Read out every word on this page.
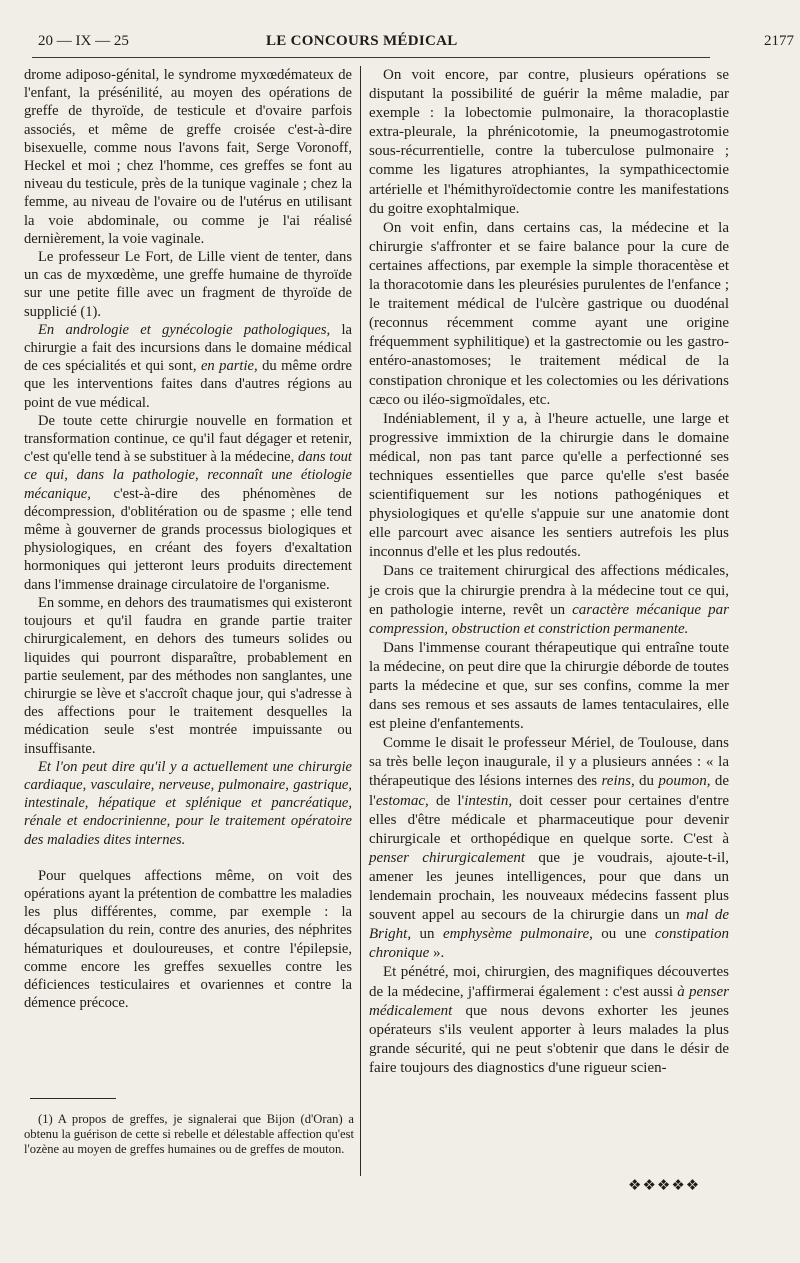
20 — IX — 25	LE CONCOURS MÉDICAL	2177

drome adiposo-génital, le syndrome myxœdémateux de l'enfant, la présénilité, au moyen des opérations de greffe de thyroïde, de testicule et d'ovaire parfois associés, et même de greffe croisée c'est-à-dire bisexuelle, comme nous l'avons fait, Serge Voronoff, Heckel et moi ; chez l'homme, ces greffes se font au niveau du testicule, près de la tunique vaginale ; chez la femme, au niveau de l'ovaire ou de l'utérus en utilisant la voie abdominale, ou comme je l'ai réalisé dernièrement, la voie vaginale.

Le professeur Le Fort, de Lille vient de tenter, dans un cas de myxœdème, une greffe humaine de thyroïde sur une petite fille avec un fragment de thyroïde de supplicié (1).

En andrologie et gynécologie pathologiques, la chirurgie a fait des incursions dans le domaine médical de ces spécialités et qui sont, en partie, du même ordre que les interventions faites dans d'autres régions au point de vue médical.

De toute cette chirurgie nouvelle en formation et transformation continue, ce qu'il faut dégager et retenir, c'est qu'elle tend à se substituer à la médecine, dans tout ce qui, dans la pathologie, reconnaît une étiologie mécanique, c'est-à-dire des phénomènes de décompression, d'oblitération ou de spasme ; elle tend même à gouverner de grands processus biologiques et physiologiques, en créant des foyers d'exaltation hormoniques qui jetteront leurs produits directement dans l'immense drainage circulatoire de l'organisme.

En somme, en dehors des traumatismes qui existeront toujours et qu'il faudra en grande partie traiter chirurgicalement, en dehors des tumeurs solides ou liquides qui pourront disparaître, probablement en partie seulement, par des méthodes non sanglantes, une chirurgie se lève et s'accroît chaque jour, qui s'adresse à des affections pour le traitement desquelles la médication seule s'est montrée impuissante ou insuffisante.

Et l'on peut dire qu'il y a actuellement une chirurgie cardiaque, vasculaire, nerveuse, pulmonaire, gastrique, intestinale, hépatique et splénique et pancréatique, rénale et endocrinienne, pour le traitement opératoire des maladies dites internes.

Pour quelques affections même, on voit des opérations ayant la prétention de combattre les maladies les plus différentes, comme, par exemple : la décapsulation du rein, contre des anuries, des néphrites hématuriques et douloureuses, et contre l'épilepsie, comme encore les greffes sexuelles contre les déficiences testiculaires et ovariennes et contre la démence précoce.

(1) A propos de greffes, je signalerai que Bijon (d'Oran) a obtenu la guérison de cette si rebelle et délestable affection qu'est l'ozène au moyen de greffes humaines ou de greffes de mouton.

On voit encore, par contre, plusieurs opérations se disputant la possibilité de guérir la même maladie, par exemple : la lobectomie pulmonaire, la thoracoplastie extra-pleurale, la phrénicotomie, la pneumogastrotomie sous-récurrentielle, contre la tuberculose pulmonaire ; comme les ligatures atrophiantes, la sympathicectomie artérielle et l'hémithyroïdectomie contre les manifestations du goitre exophtalmique.

On voit enfin, dans certains cas, la médecine et la chirurgie s'affronter et se faire balance pour la cure de certaines affections, par exemple la simple thoracentèse et la thoracotomie dans les pleurésies purulentes de l'enfance ; le traitement médical de l'ulcère gastrique ou duodénal (reconnus récemment comme ayant une origine fréquemment syphilitique) et la gastrectomie ou les gastro-entéro-anastomoses; le traitement médical de la constipation chronique et les colectomies ou les dérivations cæco ou iléo-sigmoïdales, etc.

Indéniablement, il y a, à l'heure actuelle, une large et progressive immixtion de la chirurgie dans le domaine médical, non pas tant parce qu'elle a perfectionné ses techniques essentielles que parce qu'elle s'est basée scientifiquement sur les notions pathogéniques et physiologiques et qu'elle s'appuie sur une anatomie dont elle parcourt avec aisance les sentiers autrefois les plus inconnus d'elle et les plus redoutés.

Dans ce traitement chirurgical des affections médicales, je crois que la chirurgie prendra à la médecine tout ce qui, en pathologie interne, revêt un caractère mécanique par compression, obstruction et constriction permanente.

Dans l'immense courant thérapeutique qui entraîne toute la médecine, on peut dire que la chirurgie déborde de toutes parts la médecine et que, sur ses confins, comme la mer dans ses remous et ses assauts de lames tentaculaires, elle est pleine d'enfantements.

Comme le disait le professeur Mériel, de Toulouse, dans sa très belle leçon inaugurale, il y a plusieurs années : « la thérapeutique des lésions internes des reins, du poumon, de l'estomac, de l'intestin, doit cesser pour certaines d'entre elles d'être médicale et pharmaceutique pour devenir chirurgicale et orthopédique en quelque sorte. C'est à penser chirurgicalement que je voudrais, ajoute-t-il, amener les jeunes intelligences, pour que dans un lendemain prochain, les nouveaux médecins fassent plus souvent appel au secours de la chirurgie dans un mal de Bright, un emphysème pulmonaire, ou une constipation chronique ».

Et pénétré, moi, chirurgien, des magnifiques découvertes de la médecine, j'affirmerai également : c'est aussi à penser médicalement que nous devons exhorter les jeunes opérateurs s'ils veulent apporter à leurs malades la plus grande sécurité, qui ne peut s'obtenir que dans le désir de faire toujours des diagnostics d'une rigueur scien-

❖❖❖❖❖
